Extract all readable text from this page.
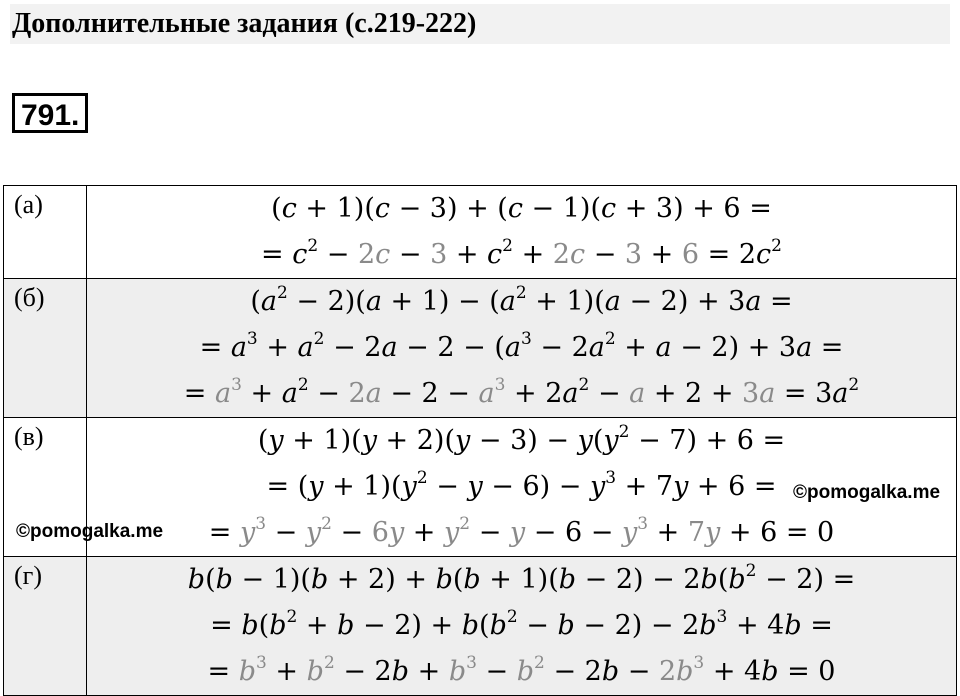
Дополнительные задания (с.219-222)
791.
(а)	(c + 1)(c − 3) + (c − 1)(c + 3) + 6 =
= $c^2 - 2c - 3 + c^2 + 2c - 3 + 6 = 2c^2$

(б)	$(a^2 - 2)(a + 1) - (a^2 + 1)(a - 2) + 3a$ =
= $a^3 + a^2 - 2a - 2 - (a^3 - 2a^2 + a - 2) + 3a$ =
= $a^3 + a^2 - 2a - 2 - a^3 + 2a^2 - a + 2 + 3a = 3a^2$

(в)	$(y + 1)(y + 2)(y - 3) - y(y^2 - 7) + 6$ =
= $(y + 1)(y^2 - y - 6) - y^3 + 7y + 6$ =
= $y^3 - y^2 - 6y + y^2 - y - 6 - y^3 + 7y + 6 = 0$

(г)	$b(b - 1)(b + 2) + b(b + 1)(b - 2) - 2b(b^2 - 2)$ =
= $b(b^2 + b - 2) + b(b^2 - b - 2) - 2b^3 + 4b$ =
= $b^3 + b^2 - 2b + b^3 - b^2 - 2b - 2b^3 + 4b = 0$
©pomogalka.me
©pomogalka.me
